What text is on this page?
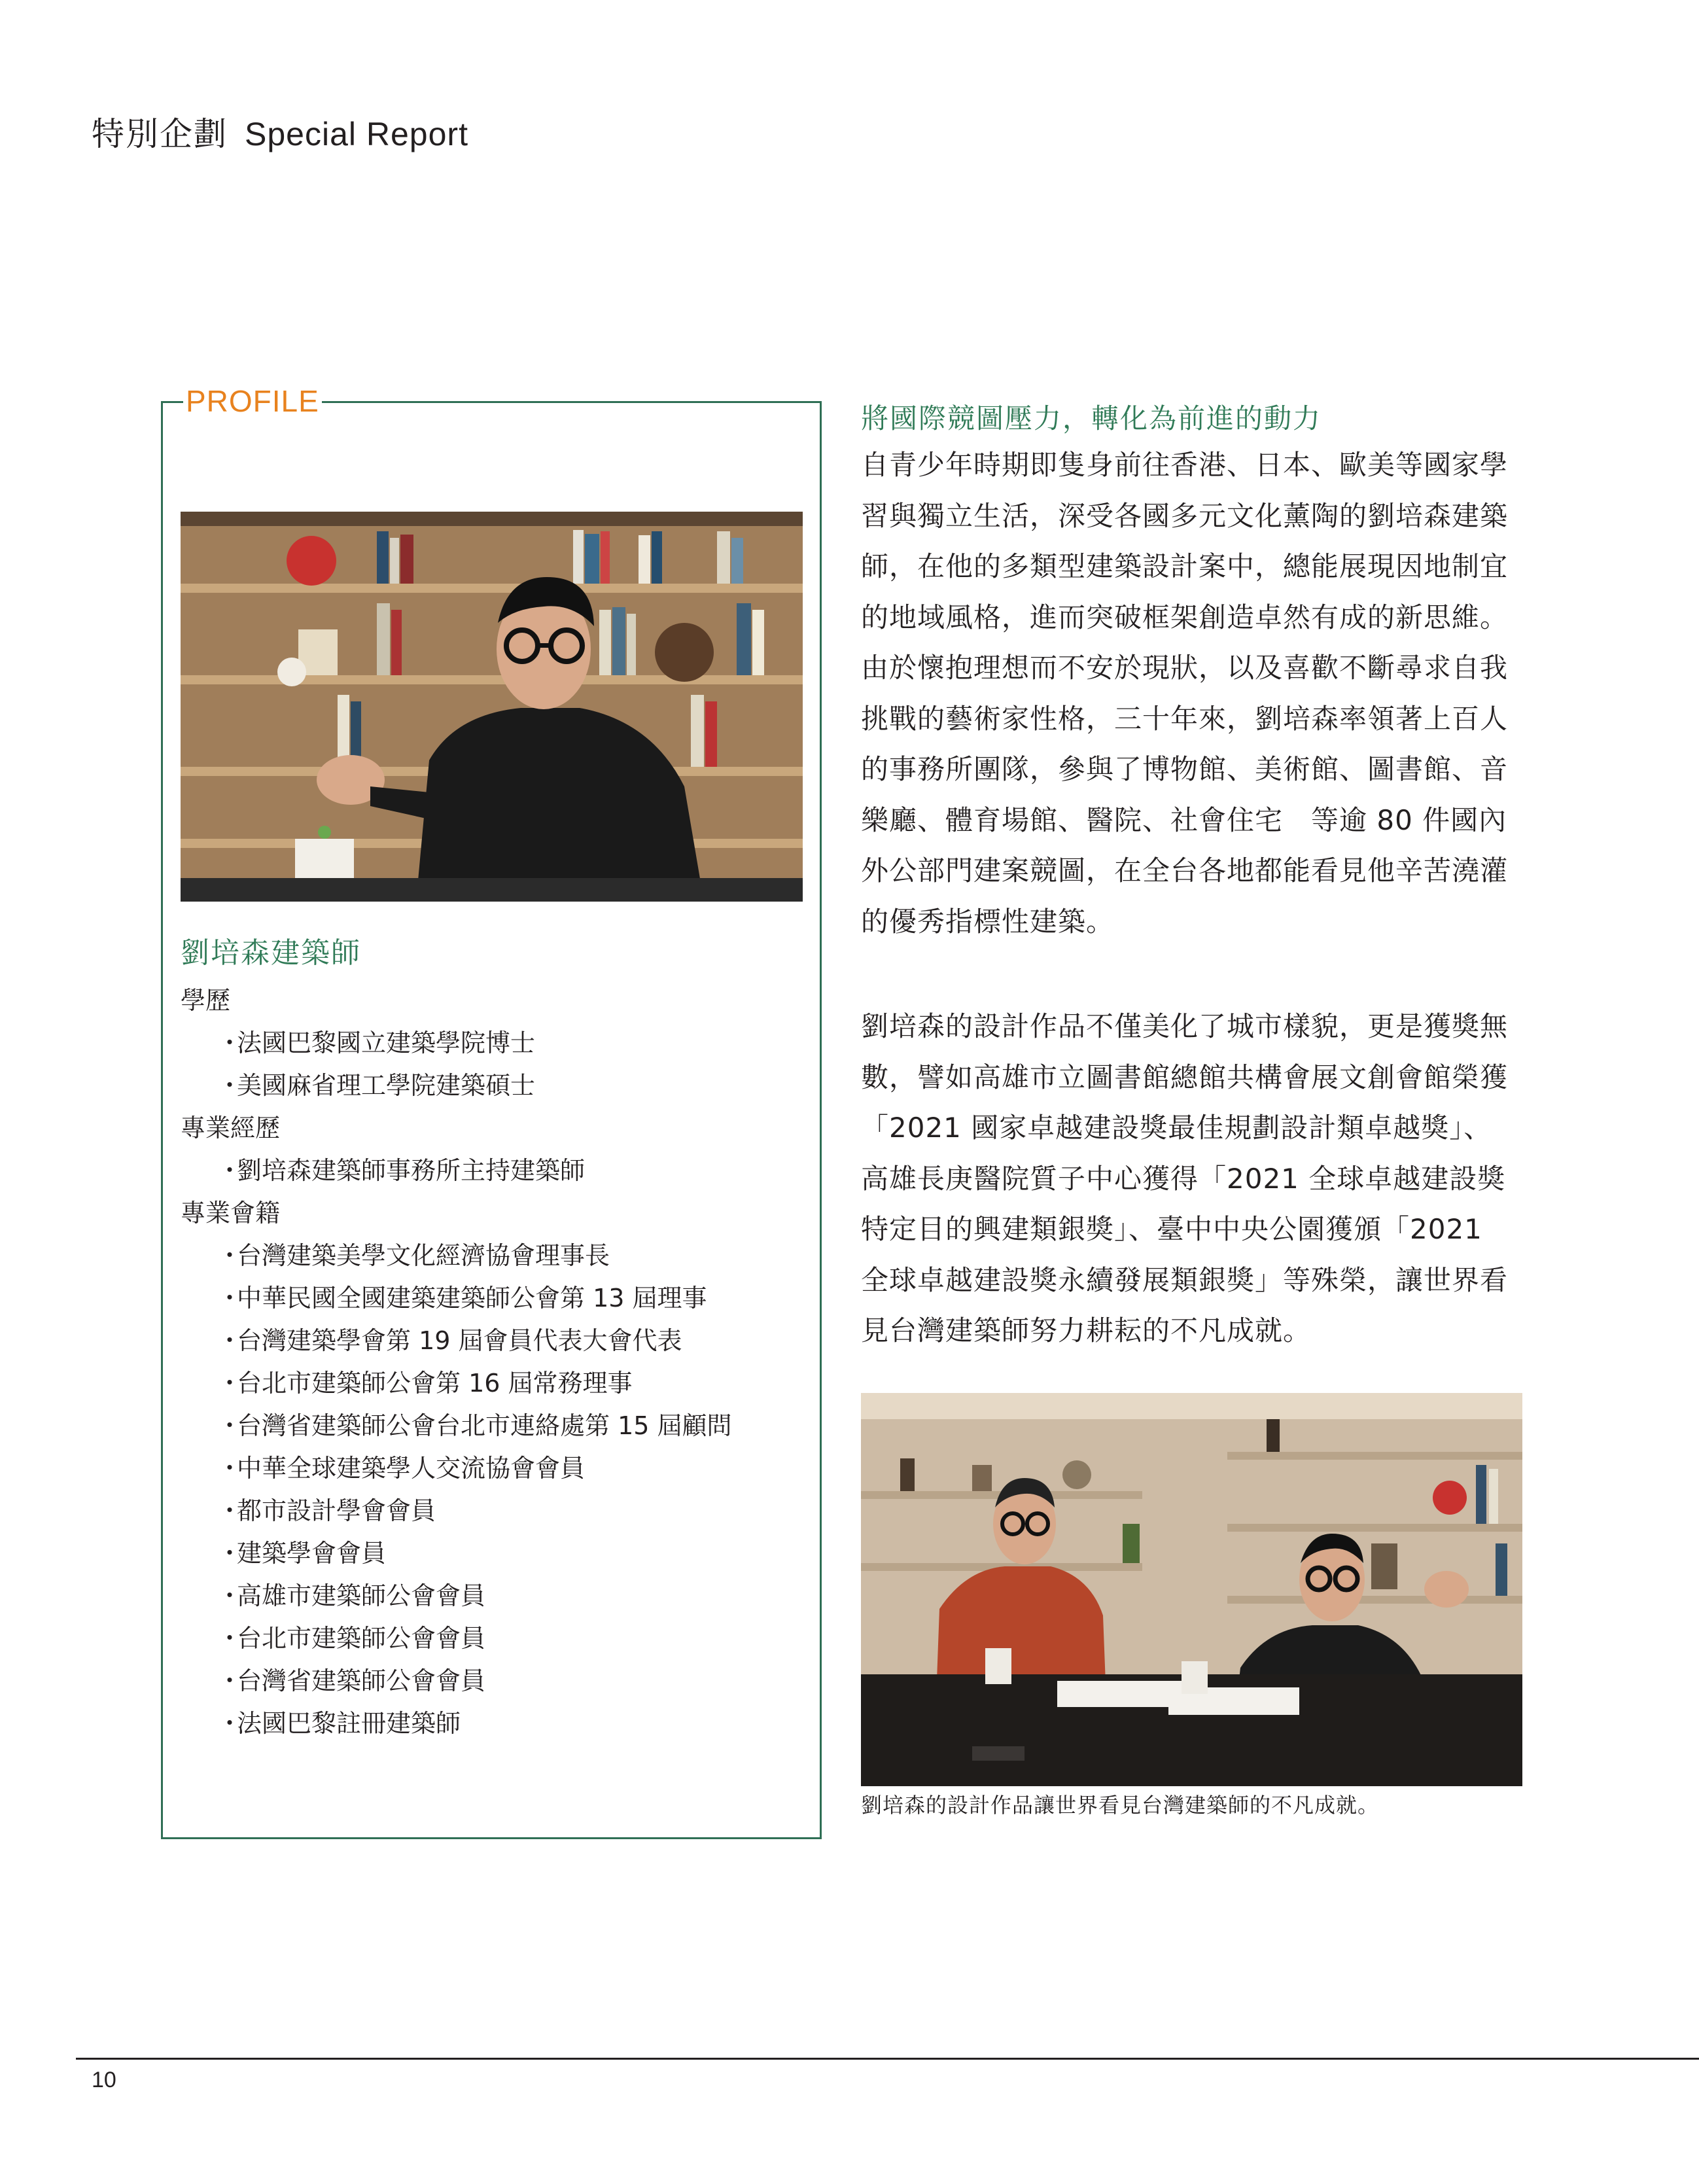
特別企劃 Special Report
PROFILE
劉培森建築師
學歷
・法國巴黎國立建築學院博士
・美國麻省理工學院建築碩士
專業經歷
・劉培森建築師事務所主持建築師
專業會籍
・台灣建築美學文化經濟協會理事長
・中華民國全國建築建築師公會第 13 屆理事
・台灣建築學會第 19 屆會員代表大會代表
・台北市建築師公會第 16 屆常務理事
・台灣省建築師公會台北市連絡處第 15 屆顧問
・中華全球建築學人交流協會會員
・都市設計學會會員
・建築學會會員
・高雄市建築師公會會員
・台北市建築師公會會員
・台灣省建築師公會會員
・法國巴黎註冊建築師
將國際競圖壓力，轉化為前進的動力
自青少年時期即隻身前往香港、日本、歐美等國家學
習與獨立生活，深受各國多元文化薰陶的劉培森建築
師，在他的多類型建築設計案中，總能展現因地制宜
的地域風格，進而突破框架創造卓然有成的新思維。
由於懷抱理想而不安於現狀，以及喜歡不斷尋求自我
挑戰的藝術家性格，三十年來，劉培森率領著上百人
的事務所團隊，參與了博物館、美術館、圖書館、音
樂廳、體育場館、醫院、社會住宅　等逾 80 件國內
外公部門建案競圖，在全台各地都能看見他辛苦澆灌
的優秀指標性建築。
劉培森的設計作品不僅美化了城市樣貌，更是獲獎無
數，譬如高雄市立圖書館總館共構會展文創會館榮獲
「2021 國家卓越建設獎最佳規劃設計類卓越獎」、
高雄長庚醫院質子中心獲得「2021 全球卓越建設獎
特定目的興建類銀獎」、臺中中央公園獲頒「2021
全球卓越建設獎永續發展類銀獎」等殊榮，讓世界看
見台灣建築師努力耕耘的不凡成就。
劉培森的設計作品讓世界看見台灣建築師的不凡成就。
10
